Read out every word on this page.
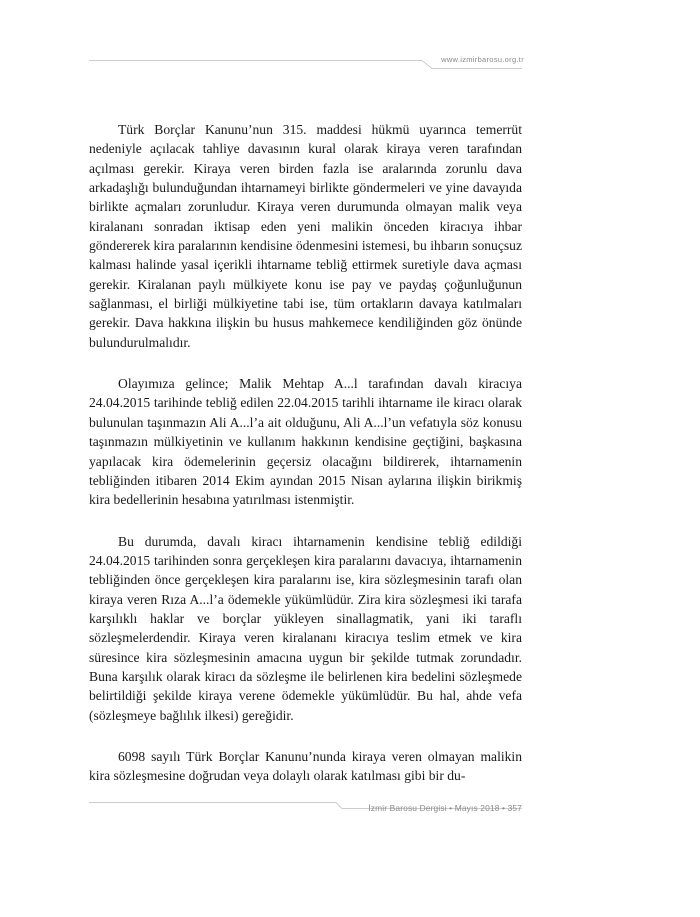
www.izmirbarosu.org.tr

Türk Borçlar Kanunu’nun 315. maddesi hükmü uyarınca temerrüt nedeniyle açılacak tahliye davasının kural olarak kiraya veren tarafından açılması gerekir. Kiraya veren birden fazla ise aralarında zorunlu dava arkadaşlığı bulunduğundan ihtarnameyi birlikte göndermeleri ve yine davayıda birlikte açmaları zorunludur. Kiraya veren durumunda olmayan malik veya kiralananı sonradan iktisap eden yeni malikin önceden kiracıya ihbar göndererek kira paralarının kendisine ödenmesini istemesi, bu ihbarın sonuçsuz kalması halinde yasal içerikli ihtarname tebliğ ettirmek suretiyle dava açması gerekir. Kiralanan paylı mülkiyete konu ise pay ve paydaş çoğunluğunun sağlanması, el birliği mülkiyetine tabi ise, tüm ortakların davaya katılmaları gerekir. Dava hakkına ilişkin bu husus mahkemece kendiliğinden göz önünde bulundurulmalıdır.

Olayımıza gelince; Malik Mehtap A...l tarafından davalı kiracıya 24.04.2015 tarihinde tebliğ edilen 22.04.2015 tarihli ihtarname ile kiracı olarak bulunulan taşınmazın Ali A...l’a ait olduğunu, Ali A...l’un vefatıyla söz konusu taşınmazın mülkiyetinin ve kullanım hakkının kendisine geçtiğini, başkasına yapılacak kira ödemelerinin geçersiz olacağını bildirerek, ihtarnamenin tebliğinden itibaren 2014 Ekim ayından 2015 Nisan aylarına ilişkin birikmiş kira bedellerinin hesabına yatırılması istenmiştir.

Bu durumda, davalı kiracı ihtarnamenin kendisine tebliğ edildiği 24.04.2015 tarihinden sonra gerçekleşen kira paralarını davacıya, ihtarnamenin tebliğinden önce gerçekleşen kira paralarını ise, kira sözleşmesinin tarafı olan kiraya veren Rıza A...l’a ödemekle yükümlüdür. Zira kira sözleşmesi iki tarafa karşılıklı haklar ve borçlar yükleyen sinallagmatik, yani iki taraflı sözleşmelerdendir. Kiraya veren kiralananı kiracıya teslim etmek ve kira süresince kira sözleşmesinin amacına uygun bir şekilde tutmak zorundadır. Buna karşılık olarak kiracı da sözleşme ile belirlenen kira bedelini sözleşmede belirtildiği şekilde kiraya verene ödemekle yükümlüdür. Bu hal, ahde vefa (sözleşmeye bağlılık ilkesi) gereğidir.

6098 sayılı Türk Borçlar Kanunu’nunda kiraya veren olmayan malikin kira sözleşmesine doğrudan veya dolaylı olarak katılması gibi bir du-

İzmir Barosu Dergisi • Mayıs 2018 • 357
